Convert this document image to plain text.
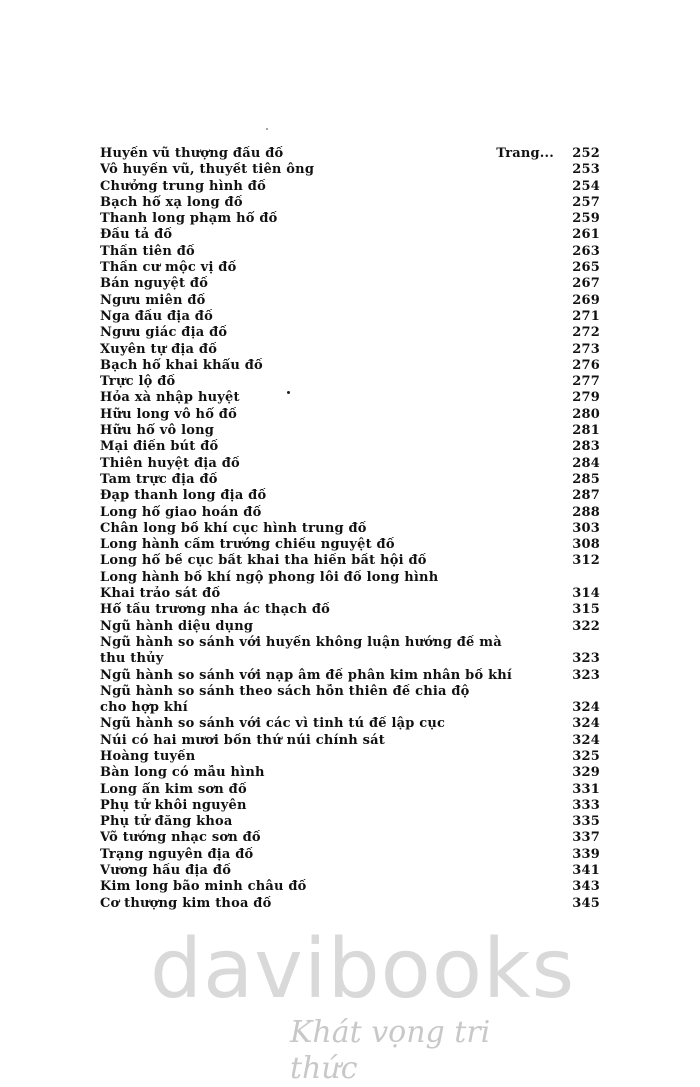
Huyền vũ thượng đầu đồ	Trang...	252
Vô huyền vũ, thuyết tiên ông	253
Chưởng trung hình đồ	254
Bạch hổ xạ long đồ	257
Thanh long phạm hổ đồ	259
Đầu tả đồ	261
Thần tiên đồ	263
Thần cư mộc vị đồ	265
Bán nguyệt đồ	267
Ngưu miên đồ	269
Nga đầu địa đồ	271
Ngưu giác địa đồ	272
Xuyên tự địa đồ	273
Bạch hổ khai khẩu đồ	276
Trực lộ đồ	277
Hỏa xà nhập huyệt	279
Hữu long vô hổ đồ	280
Hữu hổ vô long	281
Mại điền bút đồ	283
Thiên huyệt địa đồ	284
Tam trực địa đồ	285
Đạp thanh long địa đồ	287
Long hổ giao hoán đồ	288
Chân long bố khí cục hình trung đồ	303
Long hành cầm trướng chiếu nguyệt đồ	308
Long hổ bế cục bất khai tha hiền bất hội đồ	312
Long hành bố khí ngộ phong lôi đồ long hình
Khai trảo sát đồ	314
Hổ tầu trương nha ác thạch đồ	315
Ngũ hành diệu dụng	322
Ngũ hành so sánh với huyền không luận hướng đề mà
thu thủy	323
Ngũ hành so sánh với nạp âm đề phân kim nhân bố khí	323
Ngũ hành so sánh theo sách hỗn thiên đề chia độ
cho hợp khí	324
Ngũ hành so sánh với các vì tinh tú đề lập cục	324
Núi có hai mươi bốn thứ núi chính sát	324
Hoàng tuyền	325
Bàn long có mẫu hình	329
Long ẩn kim sơn đồ	331
Phụ tử khôi nguyên	333
Phụ tử đăng khoa	335
Võ tướng nhạc sơn đồ	337
Trạng nguyên địa đồ	339
Vương hầu địa đồ	341
Kim long bão minh châu đồ	343
Cơ thượng kim thoa đồ	345
davibooks
Khát vọng tri thức
